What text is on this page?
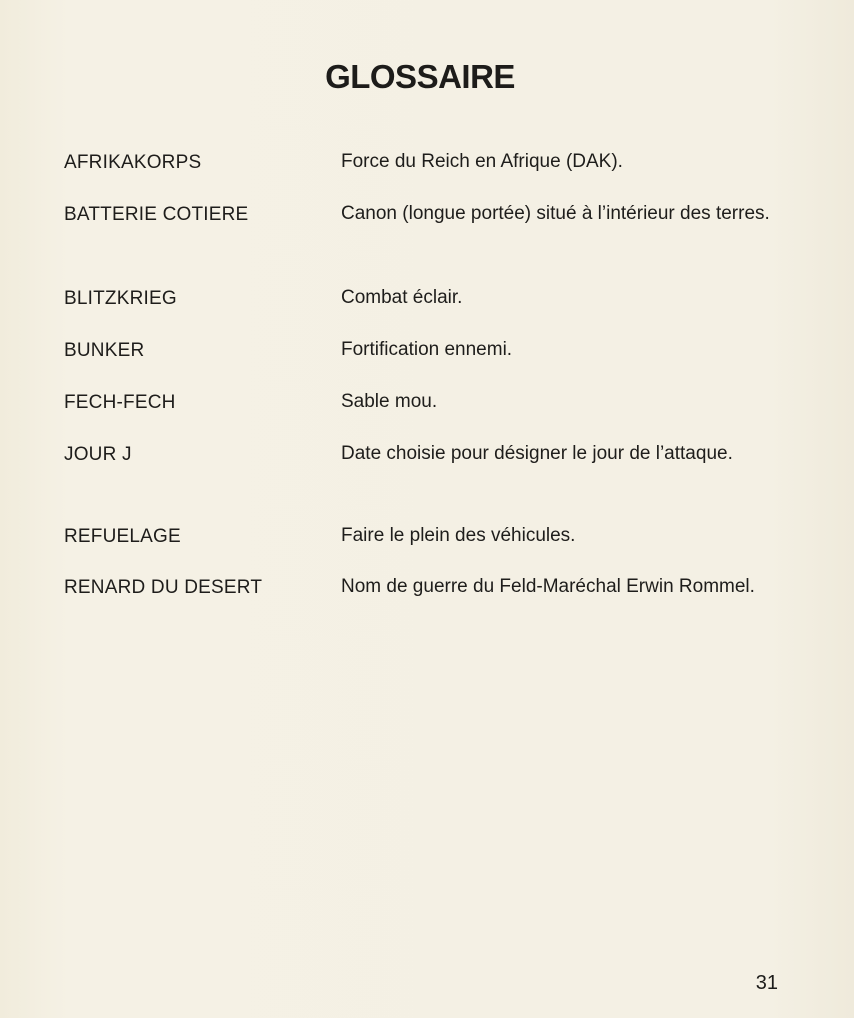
GLOSSAIRE
AFRIKAKORPS	Force du Reich en Afrique (DAK).
BATTERIE COTIERE	Canon (longue portée) situé à l’intérieur des terres.
BLITZKRIEG	Combat éclair.
BUNKER	Fortification ennemi.
FECH-FECH	Sable mou.
JOUR J	Date choisie pour désigner le jour de l’attaque.
REFUELAGE	Faire le plein des véhicules.
RENARD DU DESERT	Nom de guerre du Feld-Maréchal Erwin Rommel.
31
